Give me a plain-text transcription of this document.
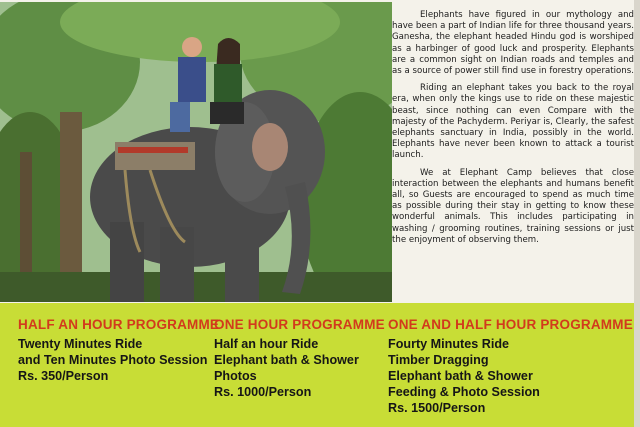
Elephants have figured in our mythology and have been a part of Indian life for three thousand years. Ganesha, the elephant headed Hindu god is worshiped as a harbinger of good luck and prosperity. Elephants are a common sight on Indian roads and temples and as a source of power still find use in forestry operations.

Riding an elephant takes you back to the royal era, when only the kings use to ride on these majestic beast, since nothing can even Compare with the majesty of the Pachyderm. Periyar is, Clearly, the safest elephants sanctuary in India, possibly in the world. Elephants have never been known to attack a tourist launch.

We at Elephant Camp believes that close interaction between the elephants and humans benefit all, so Guests are encouraged to spend as much time as possible during their stay in getting to know these wonderful animals. This includes participating in washing / grooming routines, training sessions or just the enjoyment of observing them.

HALF AN HOUR PROGRAMME
Twenty Minutes Ride
and Ten Minutes Photo Session
Rs. 350/Person
ONE HOUR PROGRAMME
Half an hour Ride
Elephant bath & Shower
Photos
Rs. 1000/Person
ONE AND HALF HOUR PROGRAMME
Fourty Minutes Ride
Timber Dragging
Elephant bath & Shower
Feeding & Photo Session
Rs. 1500/Person
